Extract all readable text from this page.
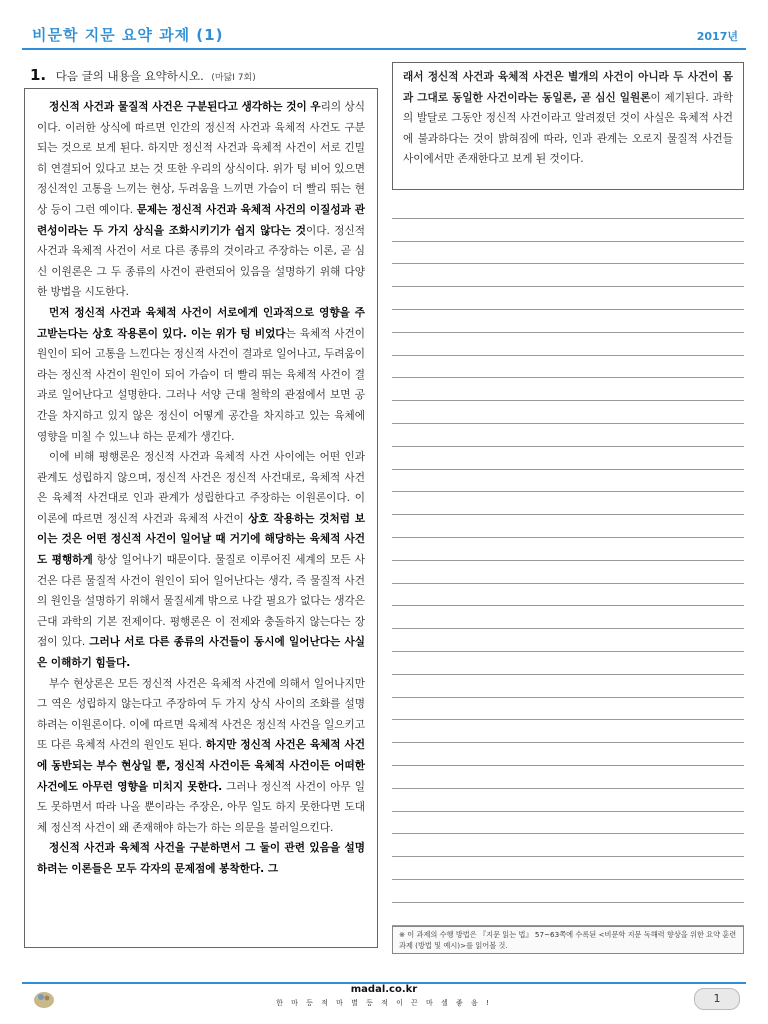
비문학 지문 요약 과제 (1)	2017년
1. 다음 글의 내용을 요약하시오. (마닳Ⅰ 7회)

정신적 사건과 물질적 사건은 구분된다고 생각하는 것이 우리의 상식이다. 이러한 상식에 따르면 인간의 정신적 사건과 육체적 사건도 구분되는 것으로 보게 된다. 하지만 정신적 사건과 육체적 사건이 서로 긴밀히 연결되어 있다고 보는 것 또한 우리의 상식이다. 위가 텅 비어 있으면 정신적인 고통을 느끼는 현상, 두려움을 느끼면 가슴이 더 빨리 뛰는 현상 등이 그런 예이다. 문제는 정신적 사건과 육체적 사건의 이질성과 관련성이라는 두 가지 상식을 조화시키기가 쉽지 않다는 것이다. 정신적 사건과 육체적 사건이 서로 다른 종류의 것이라고 주장하는 이론, 곧 심신 이원론은 그 두 종류의 사건이 관련되어 있음을 설명하기 위해 다양한 방법을 시도한다.

먼저 정신적 사건과 육체적 사건이 서로에게 인과적으로 영향을 주고받는다는 상호 작용론이 있다. 이는 위가 텅 비었다는 육체적 사건이 원인이 되어 고통을 느낀다는 정신적 사건이 결과로 일어나고, 두려움이라는 정신적 사건이 원인이 되어 가슴이 더 빨리 뛰는 육체적 사건이 결과로 일어난다고 설명한다. 그러나 서양 근대 철학의 관점에서 보면 공간을 차지하고 있지 않은 정신이 어떻게 공간을 차지하고 있는 육체에 영향을 미칠 수 있느냐 하는 문제가 생긴다.

이에 비해 평행론은 정신적 사건과 육체적 사건 사이에는 어떤 인과 관계도 성립하지 않으며, 정신적 사건은 정신적 사건대로, 육체적 사건은 육체적 사건대로 인과 관계가 성립한다고 주장하는 이원론이다. 이 이론에 따르면 정신적 사건과 육체적 사건이 상호 작용하는 것처럼 보이는 것은 어떤 정신적 사건이 일어날 때 거기에 해당하는 육체적 사건도 평행하게 항상 일어나기 때문이다. 물질로 이루어진 세계의 모든 사건은 다른 물질적 사건이 원인이 되어 일어난다는 생각, 즉 물질적 사건의 원인을 설명하기 위해서 물질세계 밖으로 나갈 필요가 없다는 생각은 근대 과학의 기본 전제이다. 평행론은 이 전제와 충돌하지 않는다는 장점이 있다. 그러나 서로 다른 종류의 사건들이 동시에 일어난다는 사실은 이해하기 힘들다.

부수 현상론은 모든 정신적 사건은 육체적 사건에 의해서 일어나지만 그 역은 성립하지 않는다고 주장하여 두 가지 상식 사이의 조화를 설명하려는 이원론이다. 이에 따르면 육체적 사건은 정신적 사건을 일으키고 또 다른 육체적 사건의 원인도 된다. 하지만 정신적 사건은 육체적 사건에 동반되는 부수 현상일 뿐, 정신적 사건이든 육체적 사건이든 어떠한 사건에도 아무런 영향을 미치지 못한다. 그러나 정신적 사건이 아무 일도 못하면서 따라 나올 뿐이라는 주장은, 아무 일도 하지 못한다면 도대체 정신적 사건이 왜 존재해야 하는가 하는 의문을 불러일으킨다.

정신적 사건과 육체적 사건을 구분하면서 그 둘이 관련 있음을 설명하려는 이론들은 모두 각자의 문제점에 봉착한다. 그

래서 정신적 사건과 육체적 사건은 별개의 사건이 아니라 두 사건이 몸과 그대로 동일한 사건이라는 동일론, 곧 심신 일원론이 제기된다. 과학의 발달로 그동안 정신적 사건이라고 알려졌던 것이 사실은 육체적 사건에 불과하다는 것이 밝혀짐에 따라, 인과 관계는 오로지 물질적 사건들 사이에서만 존재한다고 보게 된 것이다.
※ 이 과제의 수행 방법은 『지문 읽는 법』 57~63쪽에 수록된 <비문학 지문 독해력 향상을 위한 요약 훈련 과제 (방법 및 예시)>를 읽어볼 것.
madal.co.kr
한 마 등 적 마 별 등 적 이 끈 마 셀 좋 음 !	1
